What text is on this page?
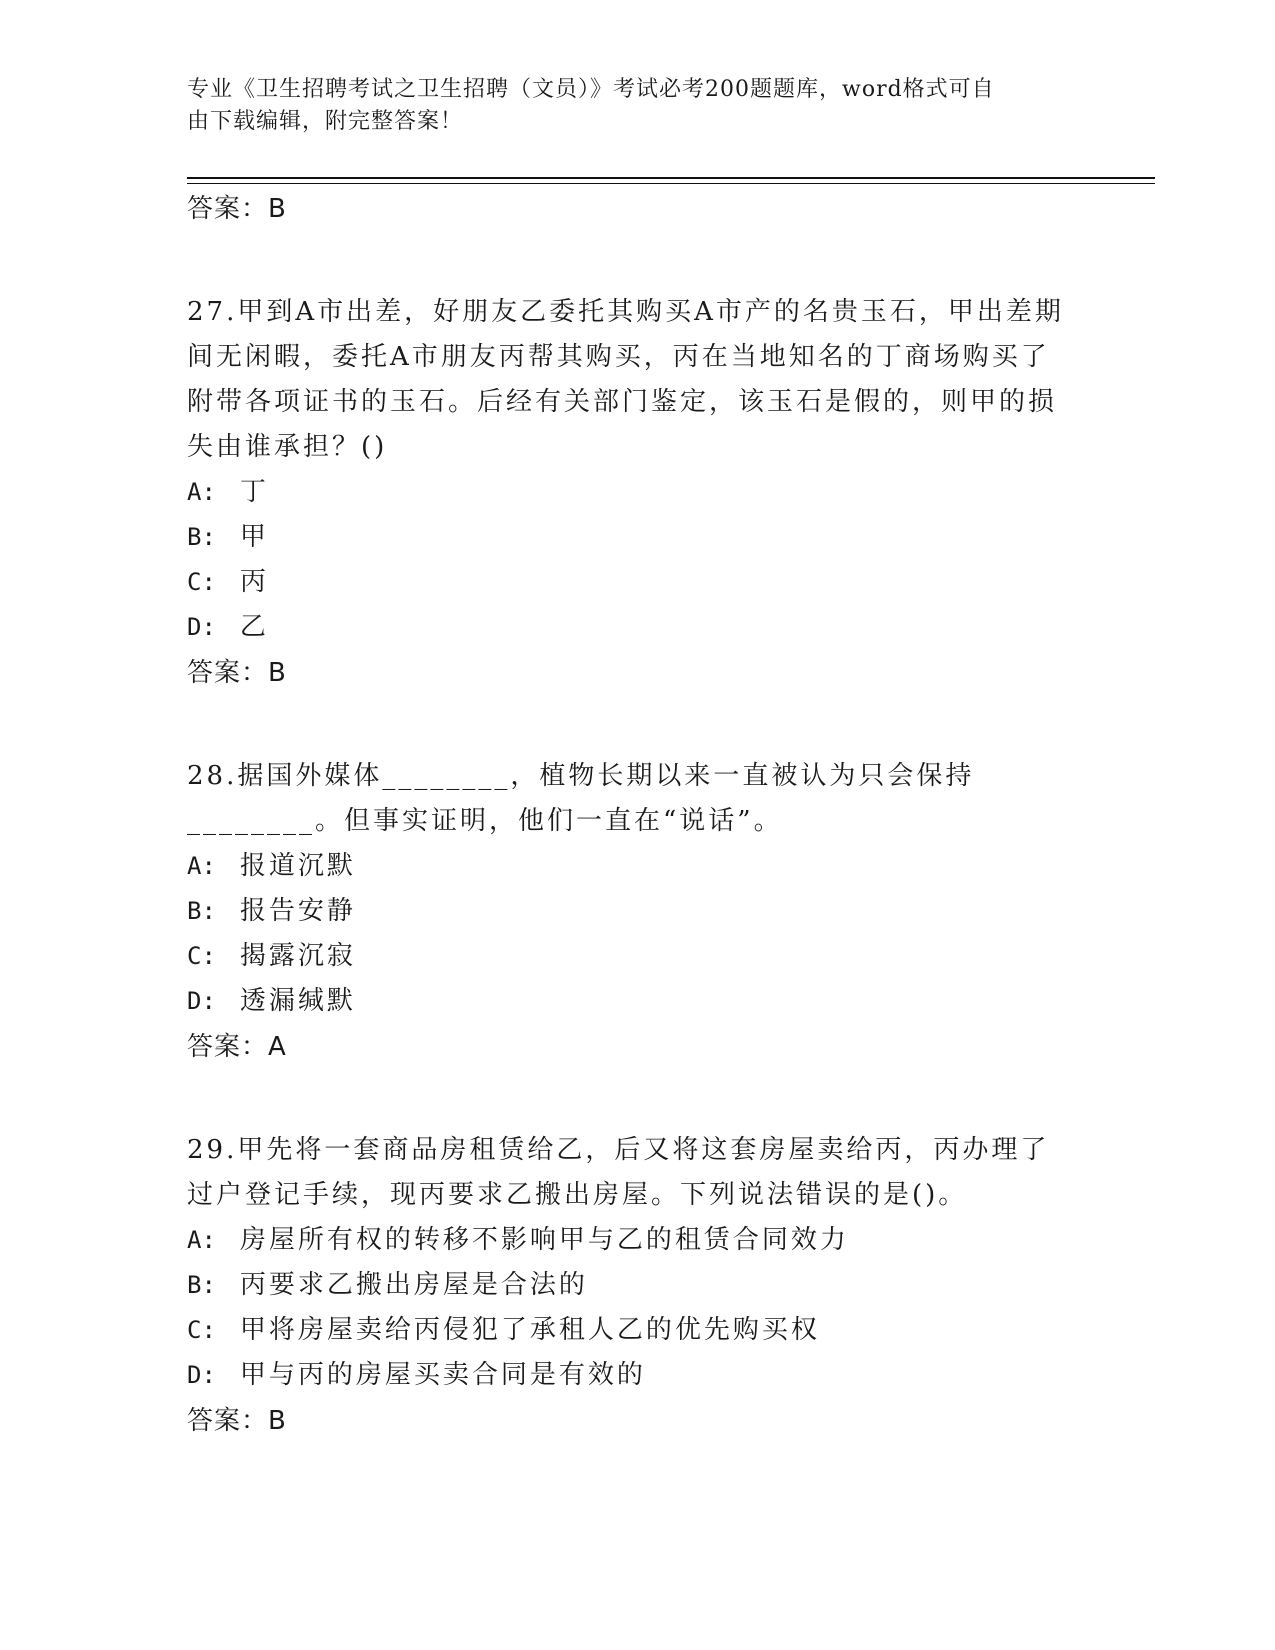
专业《卫生招聘考试之卫生招聘（文员）》考试必考200题题库，word格式可自
由下载编辑，附完整答案！

答案：B

27.甲到A市出差，好朋友乙委托其购买A市产的名贵玉石，甲出差期间无闲暇，委托A市朋友丙帮其购买，丙在当地知名的丁商场购买了附带各项证书的玉石。后经有关部门鉴定，该玉石是假的，则甲的损失由谁承担？()

A: 丁

B: 甲

C: 丙

D: 乙

答案：B

28.据国外媒体________，植物长期以来一直被认为只会保持________。但事实证明，他们一直在“说话”。

A: 报道沉默

B: 报告安静

C: 揭露沉寂

D: 透漏缄默

答案：A

29.甲先将一套商品房租赁给乙，后又将这套房屋卖给丙，丙办理了过户登记手续，现丙要求乙搬出房屋。下列说法错误的是()。

A: 房屋所有权的转移不影响甲与乙的租赁合同效力

B: 丙要求乙搬出房屋是合法的

C: 甲将房屋卖给丙侵犯了承租人乙的优先购买权

D: 甲与丙的房屋买卖合同是有效的

答案：B
